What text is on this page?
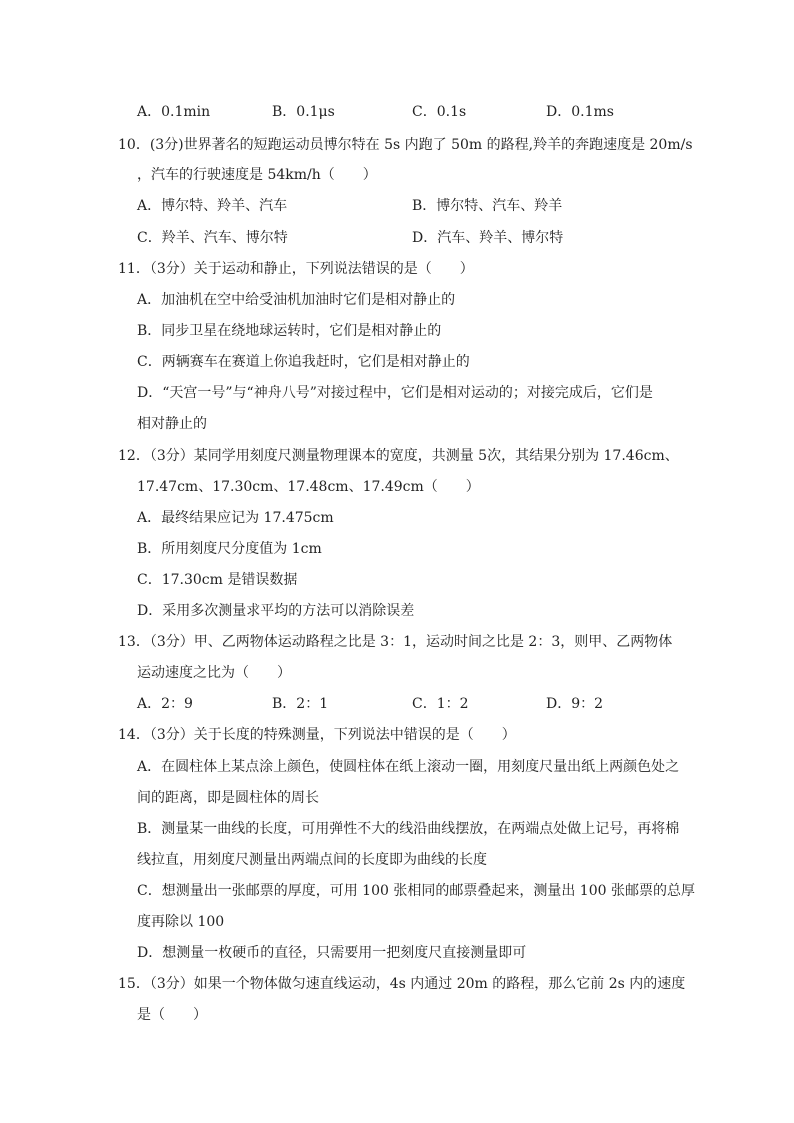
A．0.1min	B．0.1μs	C．0.1s	D．0.1ms
10．(3分)世界著名的短跑运动员博尔特在 5s 内跑了 50m 的路程,羚羊的奔跑速度是 20m/s
，汽车的行驶速度是 54km/h（　　）
A．博尔特、羚羊、汽车	B．博尔特、汽车、羚羊
C．羚羊、汽车、博尔特	D．汽车、羚羊、博尔特
11．（3分）关于运动和静止，下列说法错误的是（　　）
A．加油机在空中给受油机加油时它们是相对静止的
B．同步卫星在绕地球运转时，它们是相对静止的
C．两辆赛车在赛道上你追我赶时，它们是相对静止的
D．“天宫一号”与“神舟八号”对接过程中，它们是相对运动的；对接完成后，它们是
相对静止的
12．（3分）某同学用刻度尺测量物理课本的宽度，共测量 5次，其结果分别为 17.46cm、
17.47cm、17.30cm、17.48cm、17.49cm（　　）
A．最终结果应记为 17.475cm
B．所用刻度尺分度值为 1cm
C．17.30cm 是错误数据
D．采用多次测量求平均的方法可以消除误差
13．（3分）甲、乙两物体运动路程之比是 3：1，运动时间之比是 2：3，则甲、乙两物体
运动速度之比为（　　）
A．2：9	B．2：1	C．1：2	D．9：2
14．（3分）关于长度的特殊测量，下列说法中错误的是（　　）
A．在圆柱体上某点涂上颜色，使圆柱体在纸上滚动一圈，用刻度尺量出纸上两颜色处之
间的距离，即是圆柱体的周长
B．测量某一曲线的长度，可用弹性不大的线沿曲线摆放，在两端点处做上记号，再将棉
线拉直，用刻度尺测量出两端点间的长度即为曲线的长度
C．想测量出一张邮票的厚度，可用 100 张相同的邮票叠起来，测量出 100 张邮票的总厚
度再除以 100
D．想测量一枚硬币的直径，只需要用一把刻度尺直接测量即可
15．（3分）如果一个物体做匀速直线运动，4s 内通过 20m 的路程，那么它前 2s 内的速度
是（　　）
